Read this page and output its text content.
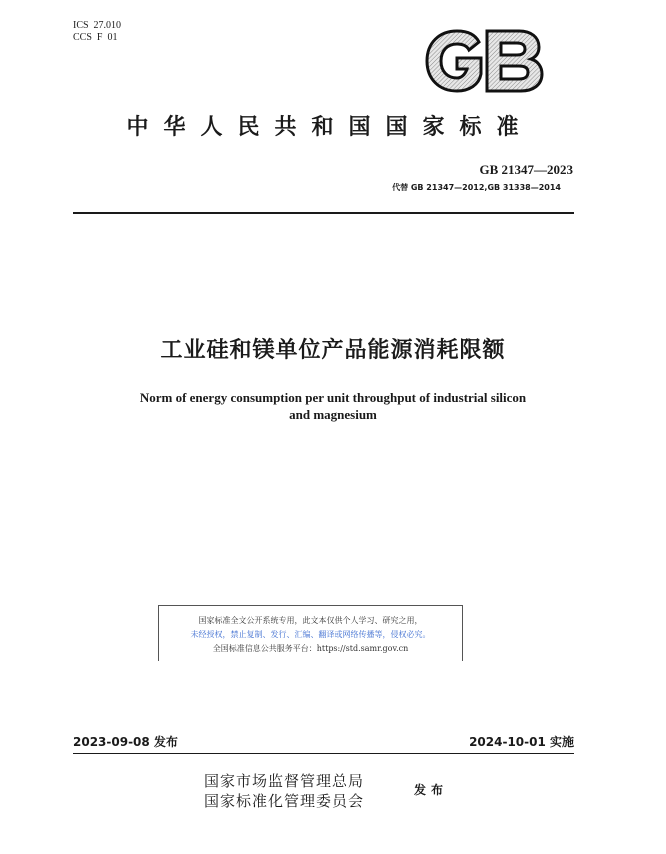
ICS  27.010
CCS  F  01
中华人民共和国国家标准
GB 21347—2023
代替 GB 21347—2012,GB 31338—2014
工业硅和镁单位产品能源消耗限额
Norm of energy consumption per unit throughput of industrial silicon
and magnesium
国家标准全文公开系统专用，此文本仅供个人学习、研究之用，
未经授权，禁止复制、发行、汇编、翻译或网络传播等，侵权必究。
全国标准信息公共服务平台：https://std.samr.gov.cn
2023-09-08 发布	2024-10-01 实施
国家市场监督管理总局
国家标准化管理委员会
发布
